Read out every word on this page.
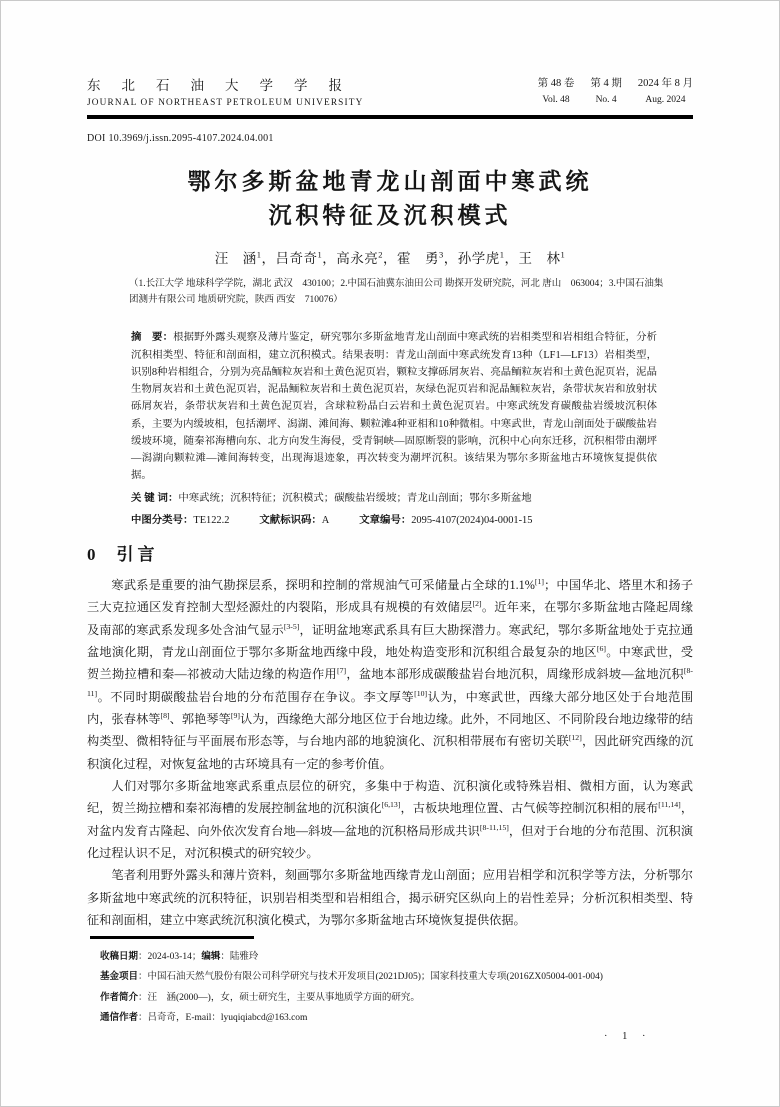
东北石油大学学报
JOURNAL OF NORTHEAST PETROLEUM UNIVERSITY
第 48 卷
Vol. 48
第 4 期
No. 4
2024 年 8 月
Aug. 2024
DOI 10.3969/j.issn.2095-4107.2024.04.001
鄂尔多斯盆地青龙山剖面中寒武统
沉积特征及沉积模式
汪　涵$^1$，吕奇奇$^1$，高永亮$^2$，霍　勇$^3$，孙学虎$^1$，王　林$^1$
（1.长江大学 地球科学学院，湖北 武汉　430100；2.中国石油冀东油田公司 勘探开发研究院，河北 唐山　063004；3.中国石油集团测井有限公司 地质研究院，陕西 西安　710076）
摘　要：根据野外露头观察及薄片鉴定，研究鄂尔多斯盆地青龙山剖面中寒武统的岩相类型和岩相组合特征，分析沉积相类型、特征和剖面相，建立沉积模式。结果表明：青龙山剖面中寒武统发育13种（LF1—LF13）岩相类型，识别8种岩相组合，分别为亮晶鲕粒灰岩和土黄色泥页岩，颗粒支撑砾屑灰岩、亮晶鲕粒灰岩和土黄色泥页岩，泥晶生物屑灰岩和土黄色泥页岩，泥晶鲕粒灰岩和土黄色泥页岩，灰绿色泥页岩和泥晶鲕粒灰岩，条带状灰岩和放射状砾屑灰岩，条带状灰岩和土黄色泥页岩，含球粒粉晶白云岩和土黄色泥页岩。中寒武统发育碳酸盐岩缓坡沉积体系，主要为内缓坡相，包括潮坪、潟湖、滩间海、颗粒滩4种亚相和10种微相。中寒武世，青龙山剖面处于碳酸盐岩缓坡环境，随秦祁海槽向东、北方向发生海侵，受青铜峡—固原断裂的影响，沉积中心向东迁移，沉积相带由潮坪—潟湖向颗粒滩—滩间海转变，出现海退迹象，再次转变为潮坪沉积。该结果为鄂尔多斯盆地古环境恢复提供依据。
关 键 词：中寒武统；沉积特征；沉积模式；碳酸盐岩缓坡；青龙山剖面；鄂尔多斯盆地
中图分类号：TE122.2	文献标识码：A	文章编号：2095-4107(2024)04-0001-15
0 引言

寒武系是重要的油气勘探层系，探明和控制的常规油气可采储量占全球的1.1%[1]；中国华北、塔里木和扬子三大克拉通区发育控制大型烃源灶的内裂陷，形成具有规模的有效储层[2]。近年来，在鄂尔多斯盆地古隆起周缘及南部的寒武系发现多处含油气显示[3-5]，证明盆地寒武系具有巨大勘探潜力。寒武纪，鄂尔多斯盆地处于克拉通盆地演化期，青龙山剖面位于鄂尔多斯盆地西缘中段，地处构造变形和沉积组合最复杂的地区[6]。中寒武世，受贺兰拗拉槽和秦—祁被动大陆边缘的构造作用[7]，盆地本部形成碳酸盐岩台地沉积，周缘形成斜坡—盆地沉积[8-11]。不同时期碳酸盐岩台地的分布范围存在争议。李文厚等[10]认为，中寒武世，西缘大部分地区处于台地范围内，张春林等[8]、郭艳琴等[9]认为，西缘绝大部分地区位于台地边缘。此外，不同地区、不同阶段台地边缘带的结构类型、微相特征与平面展布形态等，与台地内部的地貌演化、沉积相带展布有密切关联[12]，因此研究西缘的沉积演化过程，对恢复盆地的古环境具有一定的参考价值。

人们对鄂尔多斯盆地寒武系重点层位的研究，多集中于构造、沉积演化或特殊岩相、微相方面，认为寒武纪，贺兰拗拉槽和秦祁海槽的发展控制盆地的沉积演化[6,13]，古板块地理位置、古气候等控制沉积相的展布[11,14]，对盆内发育古隆起、向外依次发育台地—斜坡—盆地的沉积格局形成共识[8-11,15]，但对于台地的分布范围、沉积演化过程认识不足，对沉积模式的研究较少。

笔者利用野外露头和薄片资料，刻画鄂尔多斯盆地西缘青龙山剖面；应用岩相学和沉积学等方法，分析鄂尔多斯盆地中寒武统的沉积特征，识别岩相类型和岩相组合，揭示研究区纵向上的岩性差异；分析沉积相类型、特征和剖面相，建立中寒武统沉积演化模式，为鄂尔多斯盆地古环境恢复提供依据。

收稿日期：2024-03-14；编辑：陆雅玲
基金项目：中国石油天然气股份有限公司科学研究与技术开发项目(2021DJ05)；国家科技重大专项(2016ZX05004-001-004)
作者简介：汪　涵(2000—)，女，硕士研究生，主要从事地质学方面的研究。
通信作者：吕奇奇，E-mail：lyuqiqiabcd@163.com
· 1 ·
